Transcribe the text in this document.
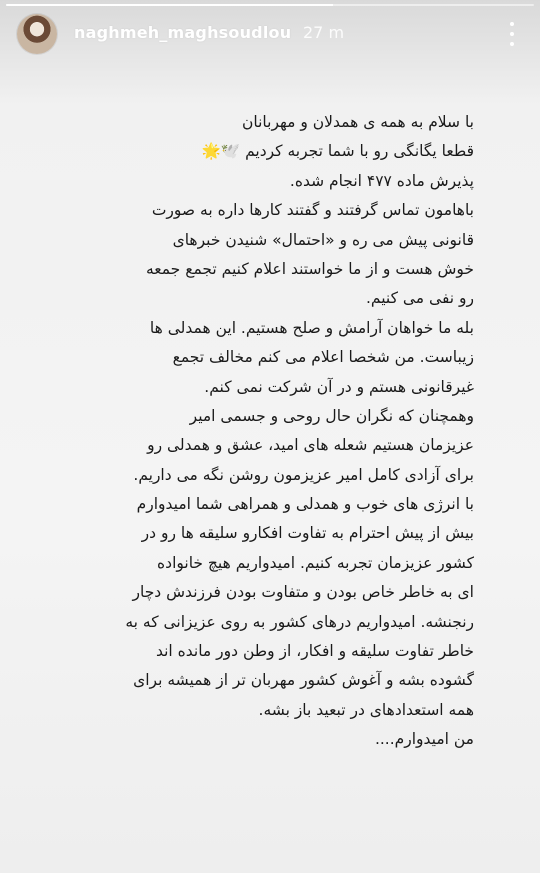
naghmeh_maghsoudlou 27 m
با سلام به همه ی همدلان و مهربانان
قطعا یگانگی رو با شما تجربه کردیم 🕊️🌟
پذیرش ماده ۴۷۷ انجام شده.
باهامون تماس گرفتند و گفتند کارها داره به صورت
قانونی پیش می ره و «احتمال» شنیدن خبرهای
خوش هست و از ما خواستند اعلام کنیم تجمع جمعه
رو نفی می کنیم.
بله ما خواهان آرامش و صلح هستیم. این همدلی ها
زیباست. من شخصا اعلام می کنم مخالف تجمع
غیرقانونی هستم و در آن شرکت نمی کنم.
وهمچنان که نگران حال روحی و جسمی امیر
عزیزمان هستیم شعله های امید، عشق و همدلی رو
برای آزادی کامل امیر عزیزمون روشن نگه می داریم.
با انرژی های خوب و همدلی و همراهی شما امیدوارم
بیش از پیش احترام به تفاوت افکارو سلیقه ها رو در
کشور عزیزمان تجربه کنیم. امیدواریم هیچ خانواده
ای به خاطر خاص بودن و متفاوت بودن فرزندش دچار
رنجنشه. امیدواریم درهای کشور به روی عزیزانی که به
خاطر تفاوت سلیقه و افکار، از وطن دور مانده اند
گشوده بشه و آغوش کشور مهربان تر از همیشه برای
همه استعدادهای در تبعید باز بشه.
من امیدوارم....
